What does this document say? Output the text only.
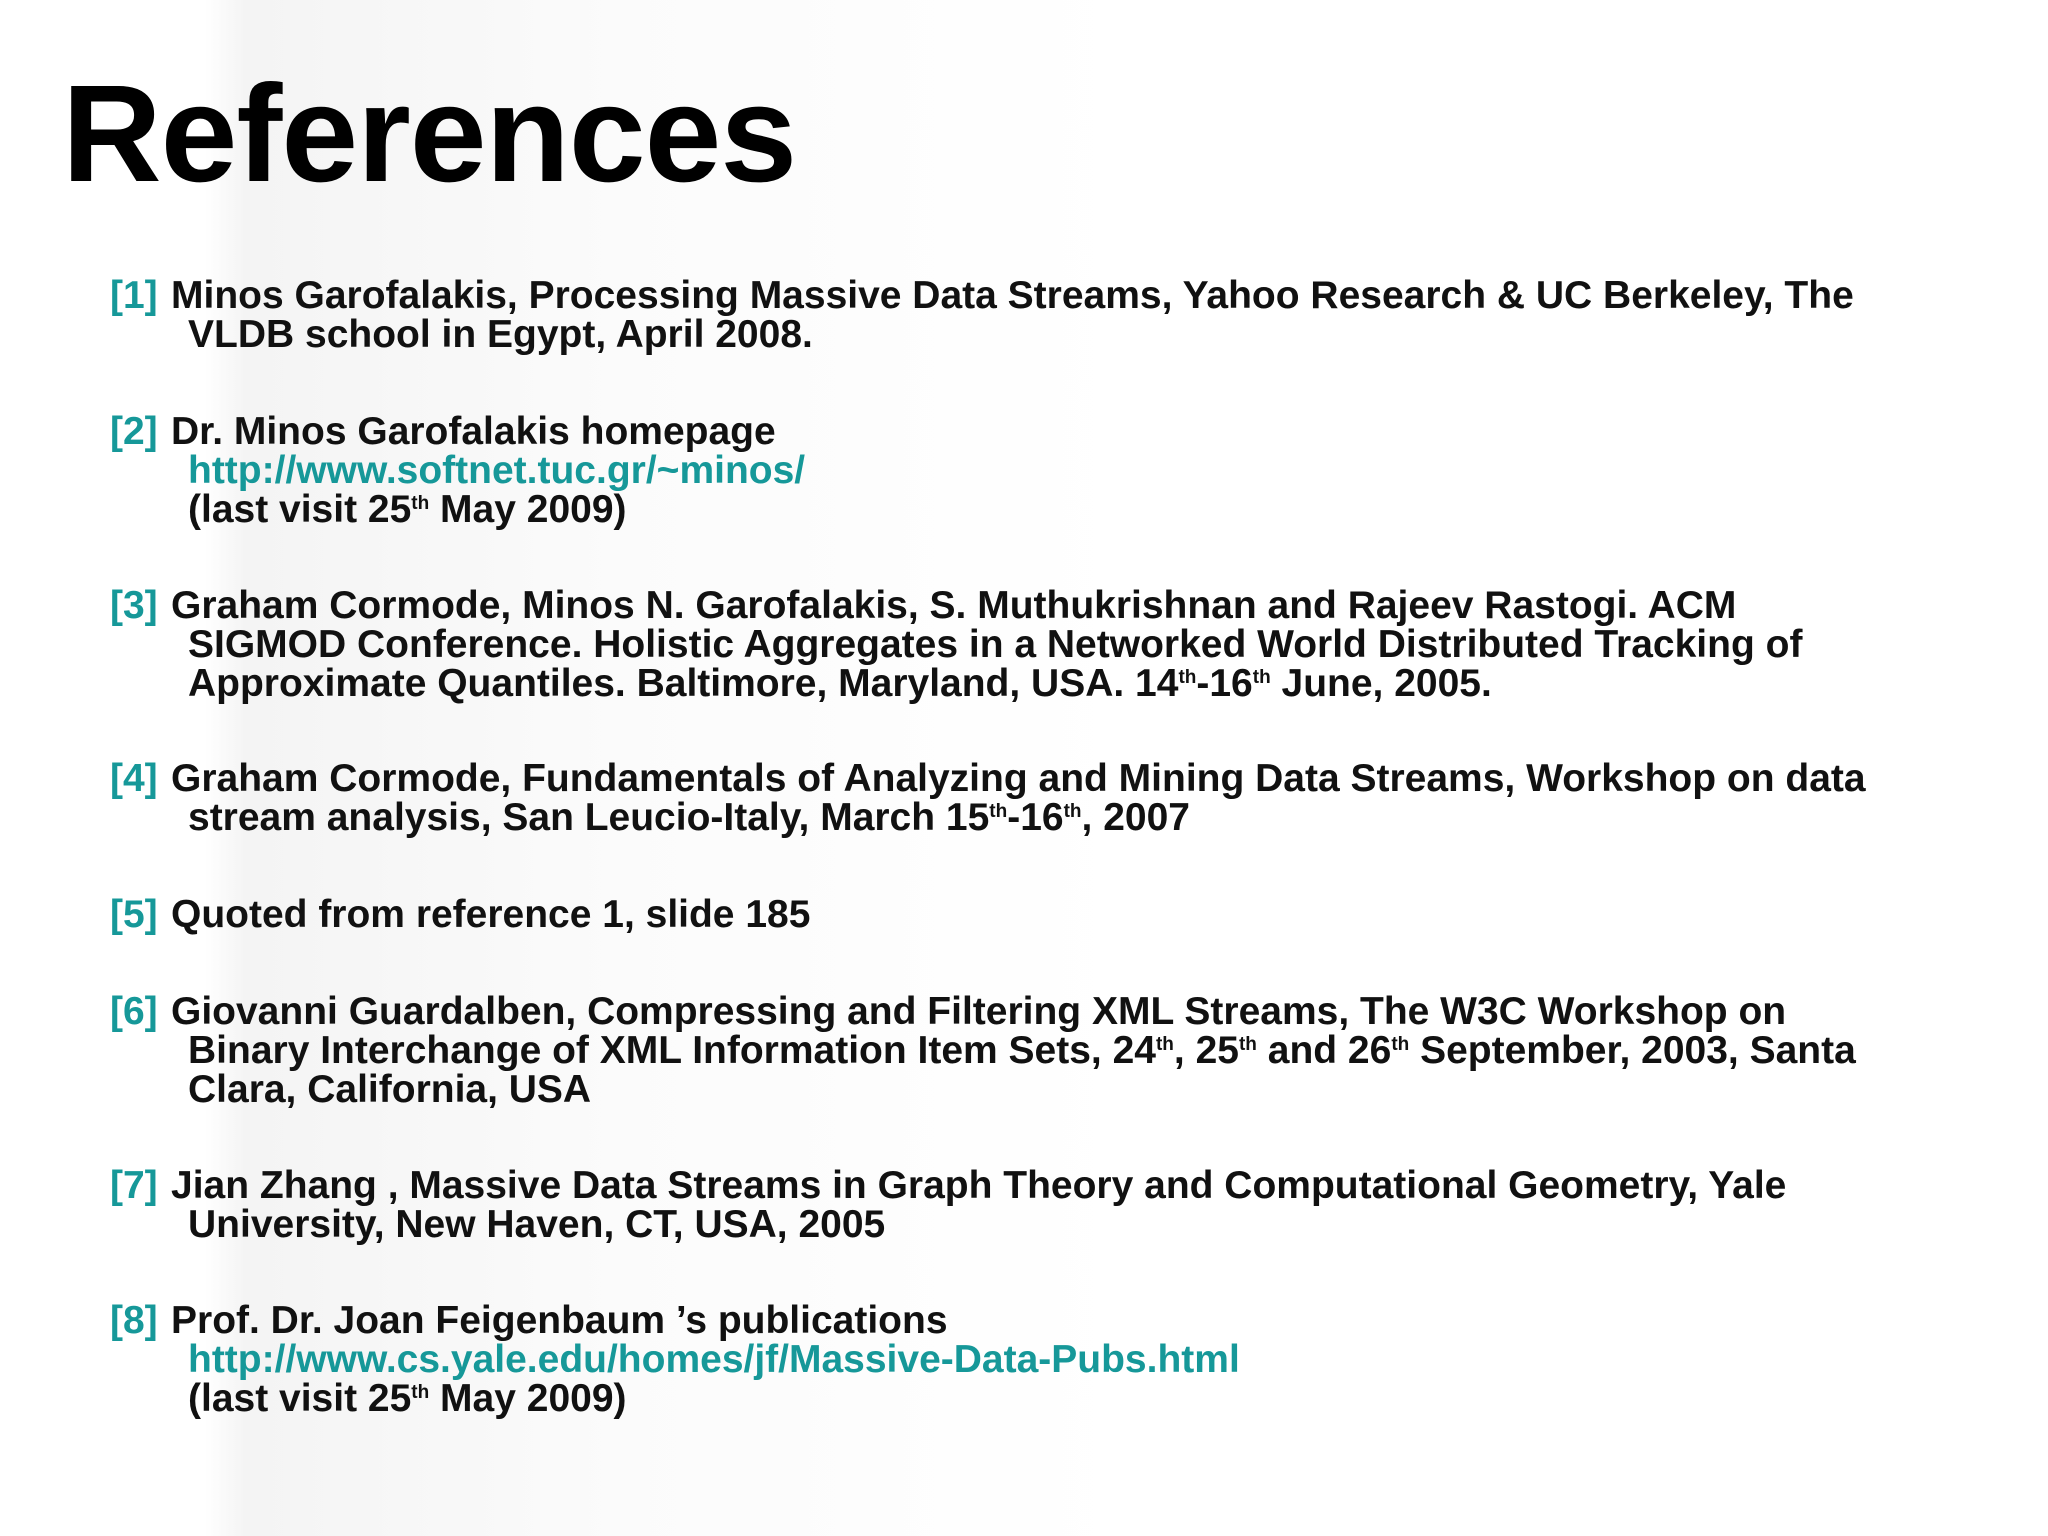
References
[1] Minos Garofalakis, Processing Massive Data Streams, Yahoo Research & UC Berkeley, The
VLDB school in Egypt, April 2008.
[2] Dr. Minos Garofalakis homepage
http://www.softnet.tuc.gr/~minos/
(last visit 25th May 2009)
[3] Graham Cormode, Minos N. Garofalakis, S. Muthukrishnan and Rajeev Rastogi. ACM
SIGMOD Conference. Holistic Aggregates in a Networked World Distributed Tracking of
Approximate Quantiles. Baltimore, Maryland, USA. 14th-16th June, 2005.
[4] Graham Cormode, Fundamentals of Analyzing and Mining Data Streams, Workshop on data
stream analysis, San Leucio-Italy, March 15th-16th, 2007
[5] Quoted from reference 1, slide 185
[6] Giovanni Guardalben, Compressing and Filtering XML Streams, The W3C Workshop on
Binary Interchange of XML Information Item Sets, 24th, 25th and 26th September, 2003, Santa
Clara, California, USA
[7] Jian Zhang , Massive Data Streams in Graph Theory and Computational Geometry, Yale
University, New Haven, CT, USA, 2005
[8] Prof. Dr. Joan Feigenbaum ’s publications
http://www.cs.yale.edu/homes/jf/Massive-Data-Pubs.html
(last visit 25th May 2009)
